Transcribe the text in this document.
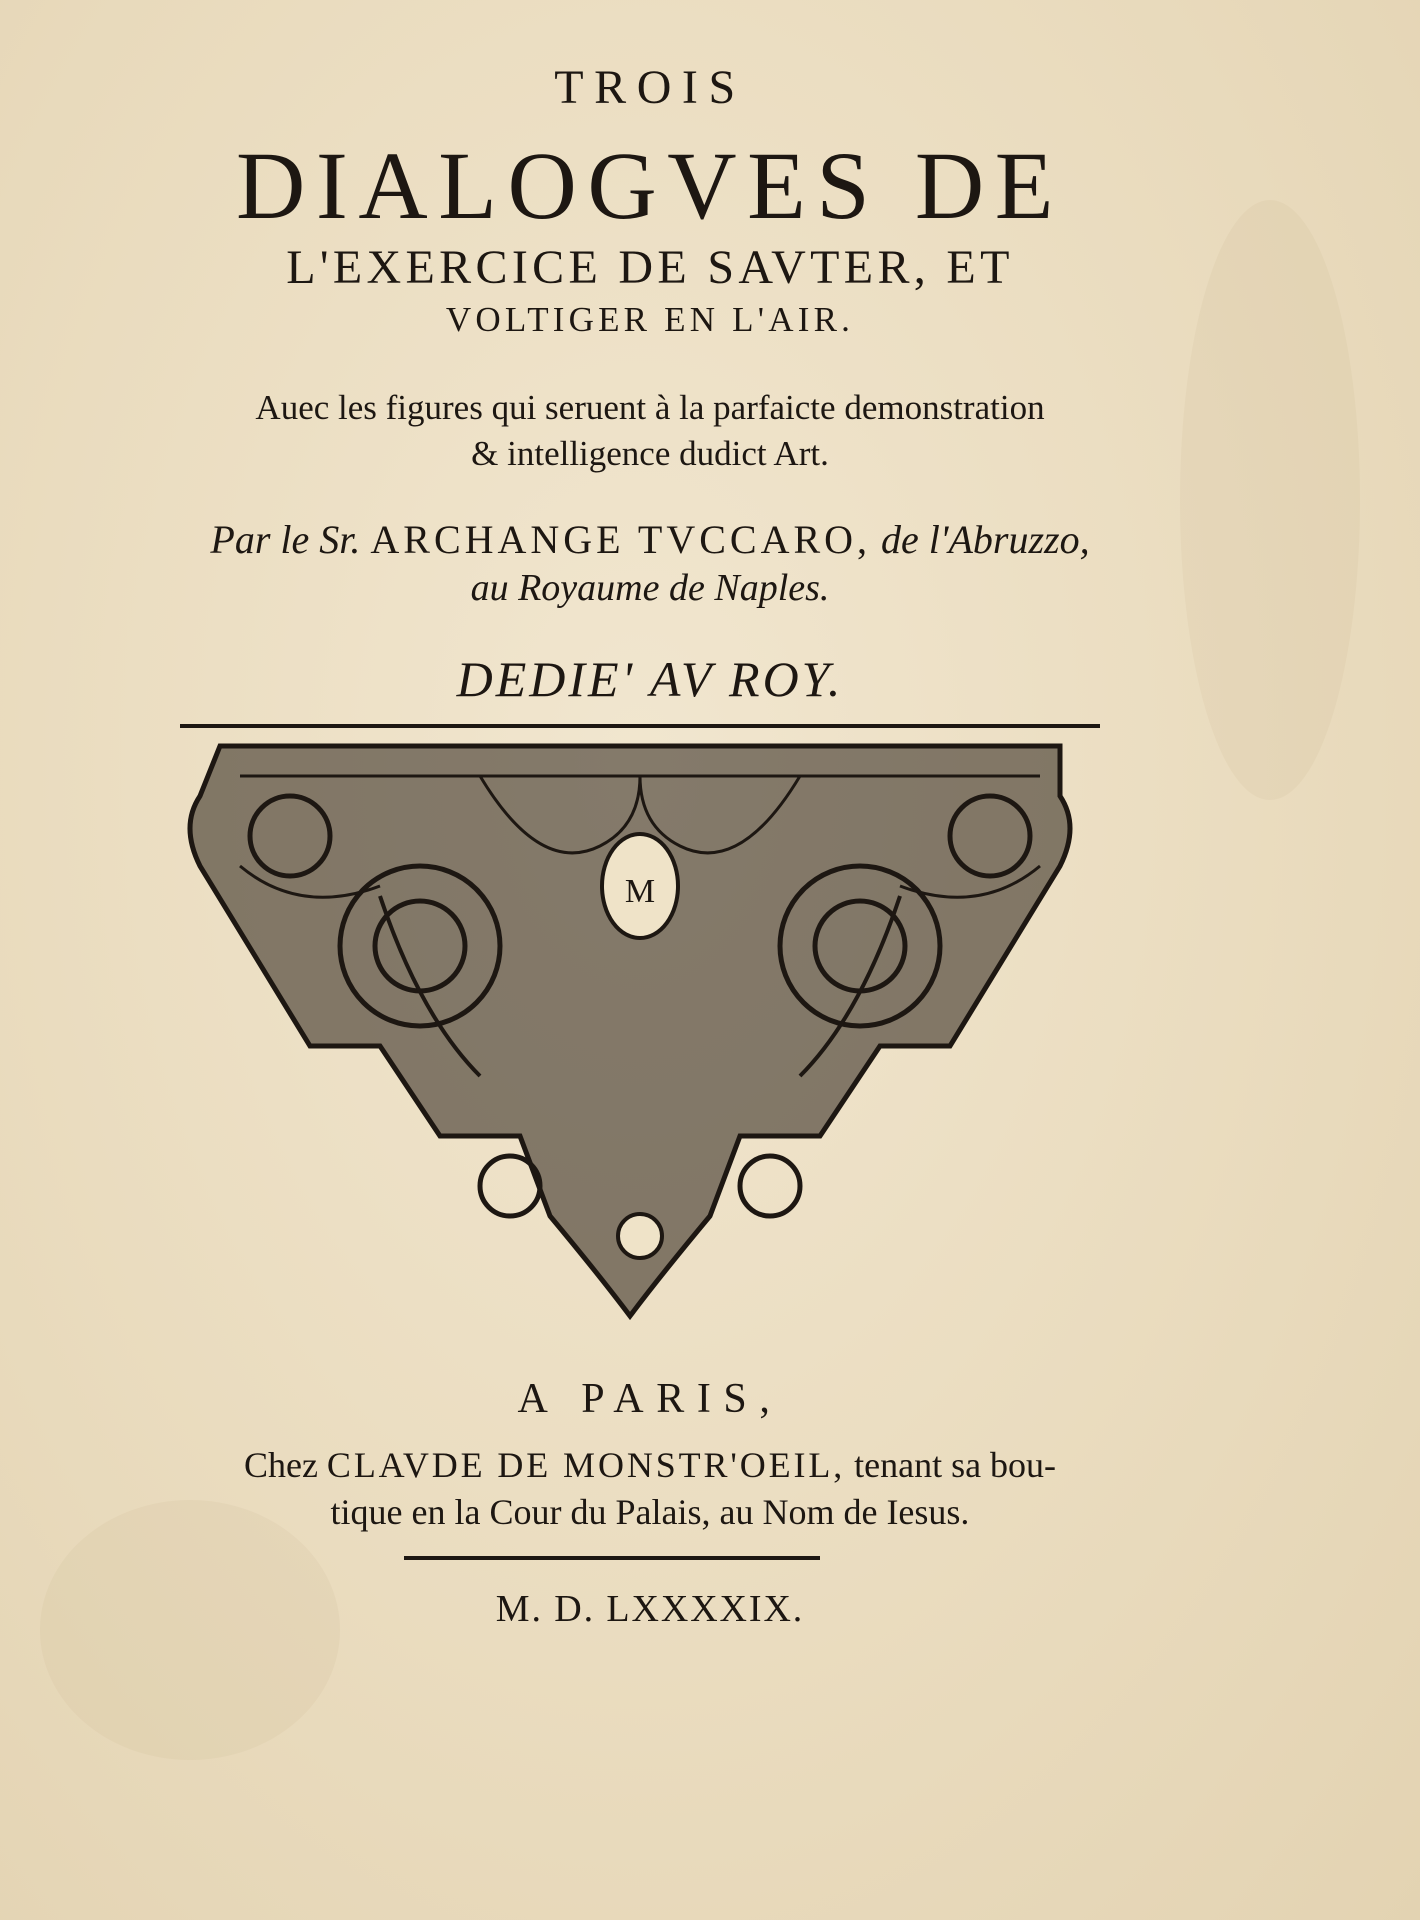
TROIS
DIALOGVES DE
L'EXERCICE DE SAVTER, ET
VOLTIGER EN L'AIR.
Auec les figures qui seruent à la parfaicte demonstration
& intelligence dudict Art.
Par le Sr. ARCHANGE TVCCARO, de l'Abruzzo,
au Royaume de Naples.
DEDIE' AV ROY.
M
A PARIS,
Chez CLAVDE DE MONSTR'OEIL, tenant sa bou-
tique en la Cour du Palais, au Nom de Iesus.
M. D. LXXXXIX.
